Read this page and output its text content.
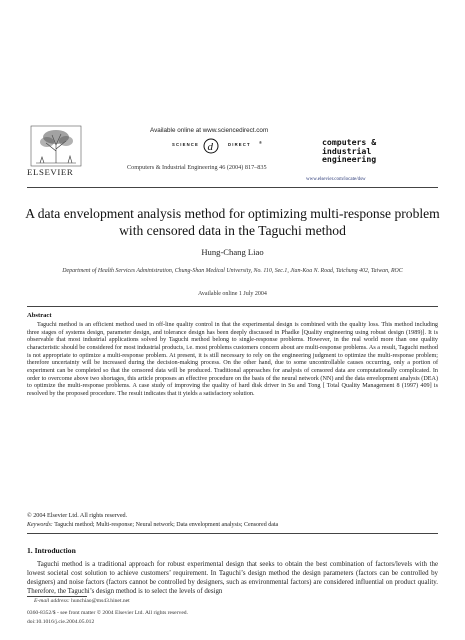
Available online at www.sciencedirect.com
SCIENCE d	DIRECT ®
Computers & Industrial Engineering 46 (2004) 817–835
computers &
industrial
engineering
www.elsevier.com/locate/dsw
ELSEVIER
A data envelopment analysis method for optimizing multi-response problem with censored data in the Taguchi method
Hung-Chang Liao
Department of Health Services Administration, Chung-Shan Medical University, No. 110, Sec.1, Jian-Koa N. Road, Taichung 402, Taiwan, ROC
Available online 1 July 2004
Abstract

Taguchi method is an efficient method used in off-line quality control in that the experimental design is combined with the quality loss. This method including three stages of systems design, parameter design, and tolerance design has been deeply discussed in Phadke [Quality engineering using robust design (1989)]. It is observable that most industrial applications solved by Taguchi method belong to single-response problems. However, in the real world more than one quality characteristic should be considered for most industrial products, i.e. most problems customers concern about are multi-response problems. As a result, Taguchi method is not appropriate to optimize a multi-response problem. At present, it is still necessary to rely on the engineering judgment to optimize the multi-response problem; therefore uncertainty will be increased during the decision-making process. On the other hand, due to some uncontrollable causes occurring, only a portion of experiment can be completed so that the censored data will be produced. Traditional approaches for analysis of censored data are computationally complicated. In order to overcome above two shortages, this article proposes an effective procedure on the basis of the neural network (NN) and the data envelopment analysis (DEA) to optimize the multi-response problems. A case study of improving the quality of hard disk driver in Su and Tong [ Total Quality Management 8 (1997) 409] is resolved by the proposed procedure. The result indicates that it yields a satisfactory solution.

© 2004 Elsevier Ltd. All rights reserved.
Keywords: Taguchi method; Multi-response; Neural network; Data envelopment analysis; Censored data
1. Introduction

Taguchi method is a traditional approach for robust experimental design that seeks to obtain the best combination of factors/levels with the lowest societal cost solution to achieve customers’ requirement. In Taguchi’s design method the design parameters (factors can be controlled by designers) and noise factors (factors cannot be controlled by designers, such as environmental factors) are considered influential on product quality. Therefore, the Taguchi’s design method is to select the levels of design

E-mail address: hunchiao@ms43.hinet.net
0360-8352/$ - see front matter © 2004 Elsevier Ltd. All rights reserved.
doi:10.1016/j.cie.2004.05.012
